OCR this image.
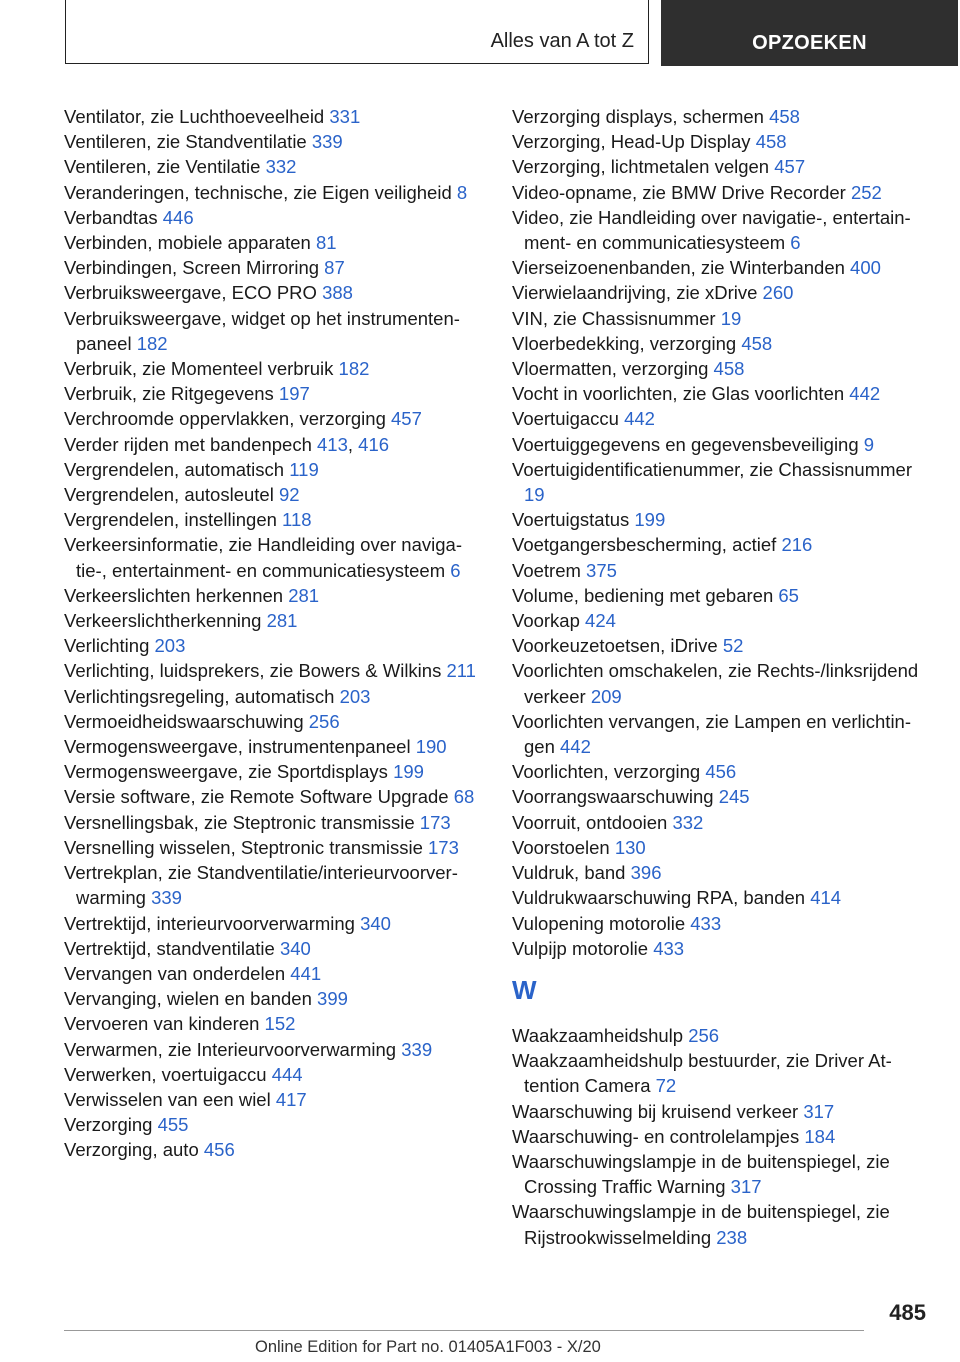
Alles van A tot Z	OPZOEKEN

Ventilator, zie Luchthoeveelheid 331

Ventileren, zie Standventilatie 339

Ventileren, zie Ventilatie 332

Veranderingen, technische, zie Eigen veiligheid 8

Verbandtas 446

Verbinden, mobiele apparaten 81

Verbindingen, Screen Mirroring 87

Verbruiksweergave, ECO PRO 388

Verbruiksweergave, widget op het instrumentenpaneel 182

Verbruik, zie Momenteel verbruik 182

Verbruik, zie Ritgegevens 197

Verchroomde oppervlakken, verzorging 457

Verder rijden met bandenpech 413, 416

Vergrendelen, automatisch 119

Vergrendelen, autosleutel 92

Vergrendelen, instellingen 118

Verkeersinformatie, zie Handleiding over navigatie-, entertainment- en communicatiesysteem 6

Verkeerslichten herkennen 281

Verkeerslichtherkenning 281

Verlichting 203

Verlichting, luidsprekers, zie Bowers & Wilkins 211

Verlichtingsregeling, automatisch 203

Vermoeidheidswaarschuwing 256

Vermogensweergave, instrumentenpaneel 190

Vermogensweergave, zie Sportdisplays 199

Versie software, zie Remote Software Upgrade 68

Versnellingsbak, zie Steptronic transmissie 173

Versnelling wisselen, Steptronic transmissie 173

Vertrekplan, zie Standventilatie/interieurvoorverwarming 339

Vertrektijd, interieurvoorverwarming 340

Vertrektijd, standventilatie 340

Vervangen van onderdelen 441

Vervanging, wielen en banden 399

Vervoeren van kinderen 152

Verwarmen, zie Interieurvoorverwarming 339

Verwerken, voertuigaccu 444

Verwisselen van een wiel 417

Verzorging 455

Verzorging, auto 456

Verzorging displays, schermen 458

Verzorging, Head-Up Display 458

Verzorging, lichtmetalen velgen 457

Video-opname, zie BMW Drive Recorder 252

Video, zie Handleiding over navigatie-, entertainment- en communicatiesysteem 6

Vierseizoenenbanden, zie Winterbanden 400

Vierwielaandrijving, zie xDrive 260

VIN, zie Chassisnummer 19

Vloerbedekking, verzorging 458

Vloermatten, verzorging 458

Vocht in voorlichten, zie Glas voorlichten 442

Voertuigaccu 442

Voertuiggegevens en gegevensbeveiliging 9

Voertuigidentificatienummer, zie Chassisnummer 19

Voertuigstatus 199

Voetgangersbescherming, actief 216

Voetrem 375

Volume, bediening met gebaren 65

Voorkap 424

Voorkeuzetoetsen, iDrive 52

Voorlichten omschakelen, zie Rechts-/linksrijdend verkeer 209

Voorlichten vervangen, zie Lampen en verlichtingen 442

Voorlichten, verzorging 456

Voorrangswaarschuwing 245

Voorruit, ontdooien 332

Voorstoelen 130

Vuldruk, band 396

Vuldrukwaarschuwing RPA, banden 414

Vulopening motorolie 433

Vulpijp motorolie 433

W

Waakzaamheidshulp 256

Waakzaamheidshulp bestuurder, zie Driver Attention Camera 72

Waarschuwing bij kruisend verkeer 317

Waarschuwing- en controlelampjes 184

Waarschuwingslampje in de buitenspiegel, zie Crossing Traffic Warning 317

Waarschuwingslampje in de buitenspiegel, zie Rijstrookwisselmelding 238

485
Online Edition for Part no. 01405A1F003 - X/20
